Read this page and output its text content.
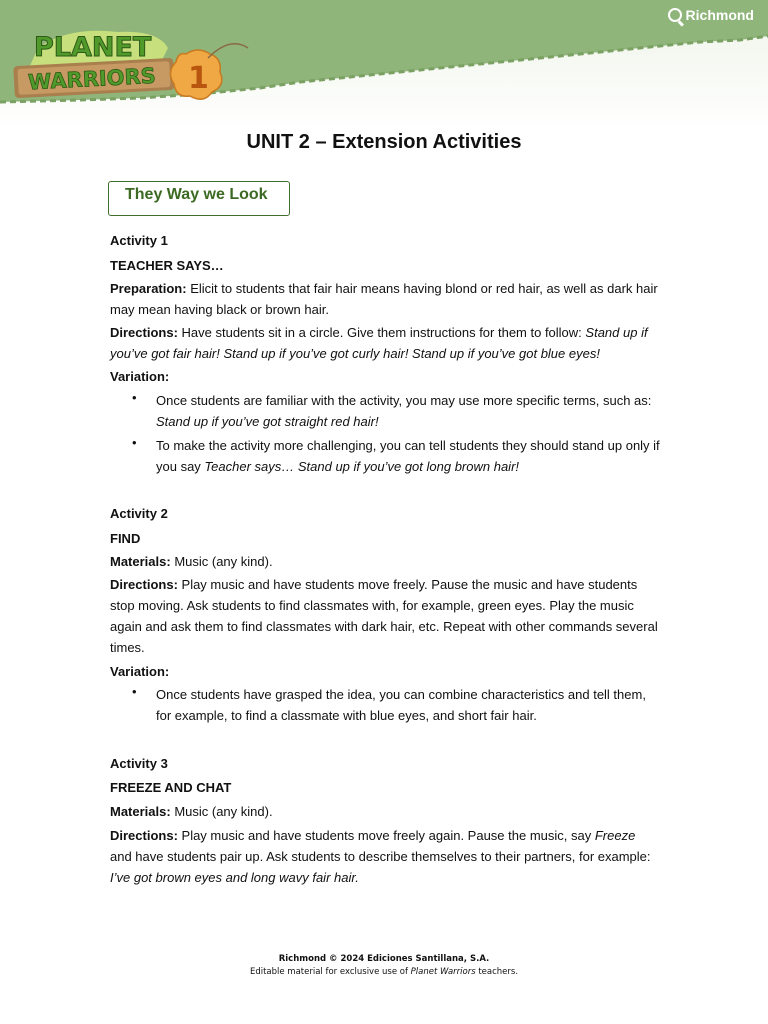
PLANET
WARRIORS 1
Richmond
UNIT 2 – Extension Activities
They Way we Look
Activity 1
TEACHER SAYS…
Preparation: Elicit to students that fair hair means having blond or red hair, as well as dark hair may mean having black or brown hair.
Directions: Have students sit in a circle. Give them instructions for them to follow: Stand up if you’ve got fair hair! Stand up if you’ve got curly hair! Stand up if you’ve got blue eyes!
Variation:
• Once students are familiar with the activity, you may use more specific terms, such as: Stand up if you’ve got straight red hair!
• To make the activity more challenging, you can tell students they should stand up only if you say Teacher says… Stand up if you’ve got long brown hair!
Activity 2
FIND
Materials: Music (any kind).
Directions: Play music and have students move freely. Pause the music and have students stop moving. Ask students to find classmates with, for example, green eyes. Play the music again and ask them to find classmates with dark hair, etc. Repeat with other commands several times.
Variation:
• Once students have grasped the idea, you can combine characteristics and tell them, for example, to find a classmate with blue eyes, and short fair hair.
Activity 3
FREEZE AND CHAT
Materials: Music (any kind).
Directions: Play music and have students move freely again. Pause the music, say Freeze and have students pair up. Ask students to describe themselves to their partners, for example: I’ve got brown eyes and long wavy fair hair.
Richmond © 2024 Ediciones Santillana, S.A.
Editable material for exclusive use of Planet Warriors teachers.
